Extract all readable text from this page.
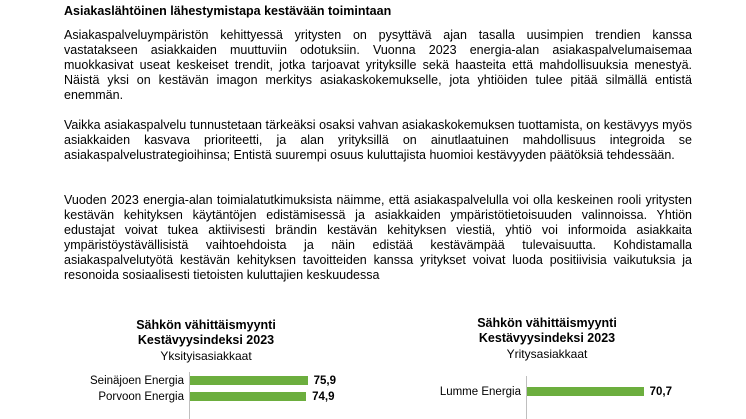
Asiakaslähtöinen lähestymistapa kestävään toimintaan

Asiakaspalveluympäristön kehittyessä yritysten on pysyttävä ajan tasalla uusimpien trendien kanssa vastatakseen asiakkaiden muuttuviin odotuksiin. Vuonna 2023 energia-alan asiakaspalvelumaisemaa muokkasivat useat keskeiset trendit, jotka tarjoavat yrityksille sekä haasteita että mahdollisuuksia menestyä. Näistä yksi on kestävän imagon merkitys asiakaskokemukselle, jota yhtiöiden tulee pitää silmällä entistä enemmän.

Vaikka asiakaspalvelu tunnustetaan tärkeäksi osaksi vahvan asiakaskokemuksen tuottamista, on kestävyys myös asiakkaiden kasvava prioriteetti, ja alan yrityksillä on ainutlaatuinen mahdollisuus integroida se asiakaspalvelustrategioihinsa; Entistä suurempi osuus kuluttajista huomioi kestävyyden päätöksiä tehdessään.

Vuoden 2023 energia-alan toimialatutkimuksista näimme, että asiakaspalvelulla voi olla keskeinen rooli yritysten kestävän kehityksen käytäntöjen edistämisessä ja asiakkaiden ympäristötietoisuuden valinnoissa. Yhtiön edustajat voivat tukea aktiivisesti brändin kestävän kehityksen viestiä, yhtiö voi informoida asiakkaita ympäristöystävällisistä vaihtoehdoista ja näin edistää kestävämpää tulevaisuutta. Kohdistamalla asiakaspalvelutyötä kestävän kehityksen tavoitteiden kanssa yritykset voivat luoda positiivisia vaikutuksia ja resonoida sosiaalisesti tietoisten kuluttajien keskuudessa

Sähkön vähittäismyynti
Kestävyysindeksi 2023
Yksityisasiakkaat
Seinäjoen Energia	75,9
Porvoon Energia	74,9
Sähkön vähittäismyynti
Kestävyysindeksi 2023
Yritysasiakkaat
Lumme Energia	70,7
